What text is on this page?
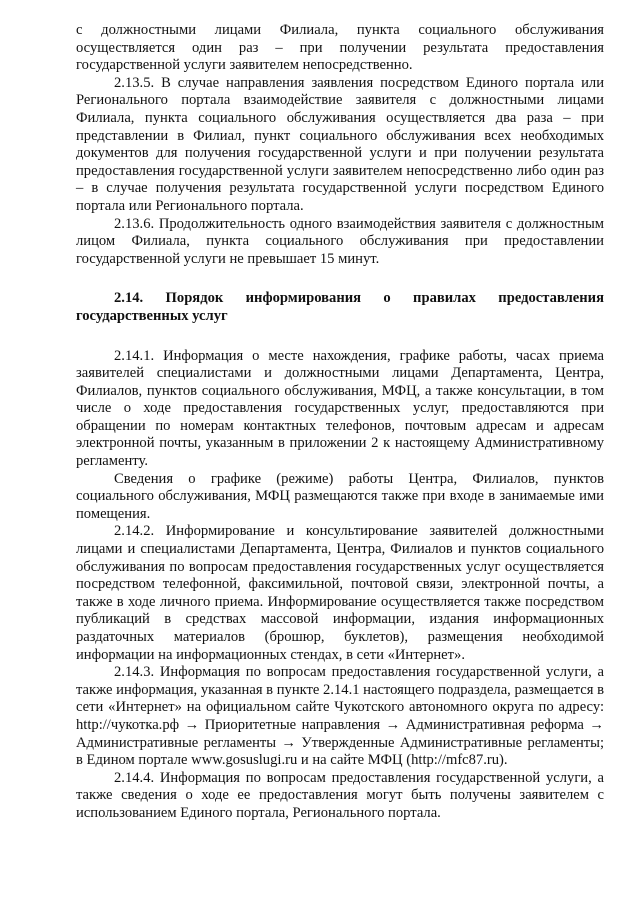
с должностными лицами Филиала, пункта социального обслуживания осуществляется один раз – при получении результата предоставления государственной услуги заявителем непосредственно.

2.13.5. В случае направления заявления посредством Единого портала или Регионального портала взаимодействие заявителя с должностными лицами Филиала, пункта социального обслуживания осуществляется два раза – при представлении в Филиал, пункт социального обслуживания всех необходимых документов для получения государственной услуги и при получении результата предоставления государственной услуги заявителем непосредственно либо один раз – в случае получения результата государственной услуги посредством Единого портала или Регионального портала.

2.13.6. Продолжительность одного взаимодействия заявителя с должностным лицом Филиала, пункта социального обслуживания при предоставлении государственной услуги не превышает 15 минут.

2.14. Порядок информирования о правилах предоставления государственных услуг

2.14.1. Информация о месте нахождения, графике работы, часах приема заявителей специалистами и должностными лицами Департамента, Центра, Филиалов, пунктов социального обслуживания, МФЦ, а также консультации, в том числе о ходе предоставления государственных услуг, предоставляются при обращении по номерам контактных телефонов, почтовым адресам и адресам электронной почты, указанным в приложении 2 к настоящему Административному регламенту.

Сведения о графике (режиме) работы Центра, Филиалов, пунктов социального обслуживания, МФЦ размещаются также при входе в занимаемые ими помещения.

2.14.2. Информирование и консультирование заявителей должностными лицами и специалистами Департамента, Центра, Филиалов и пунктов социального обслуживания по вопросам предоставления государственных услуг осуществляется посредством телефонной, факсимильной, почтовой связи, электронной почты, а также в ходе личного приема. Информирование осуществляется также посредством публикаций в средствах массовой информации, издания информационных раздаточных материалов (брошюр, буклетов), размещения необходимой информации на информационных стендах, в сети «Интернет».

2.14.3. Информация по вопросам предоставления государственной услуги, а также информация, указанная в пункте 2.14.1 настоящего подраздела, размещается в сети «Интернет» на официальном сайте Чукотского автономного округа по адресу: http://чукотка.рф → Приоритетные направления → Административная реформа → Административные регламенты → Утвержденные Административные регламенты; в Едином портале www.gosuslugi.ru и на сайте МФЦ (http://mfc87.ru).

2.14.4. Информация по вопросам предоставления государственной услуги, а также сведения о ходе ее предоставления могут быть получены заявителем с использованием Единого портала, Регионального портала.
